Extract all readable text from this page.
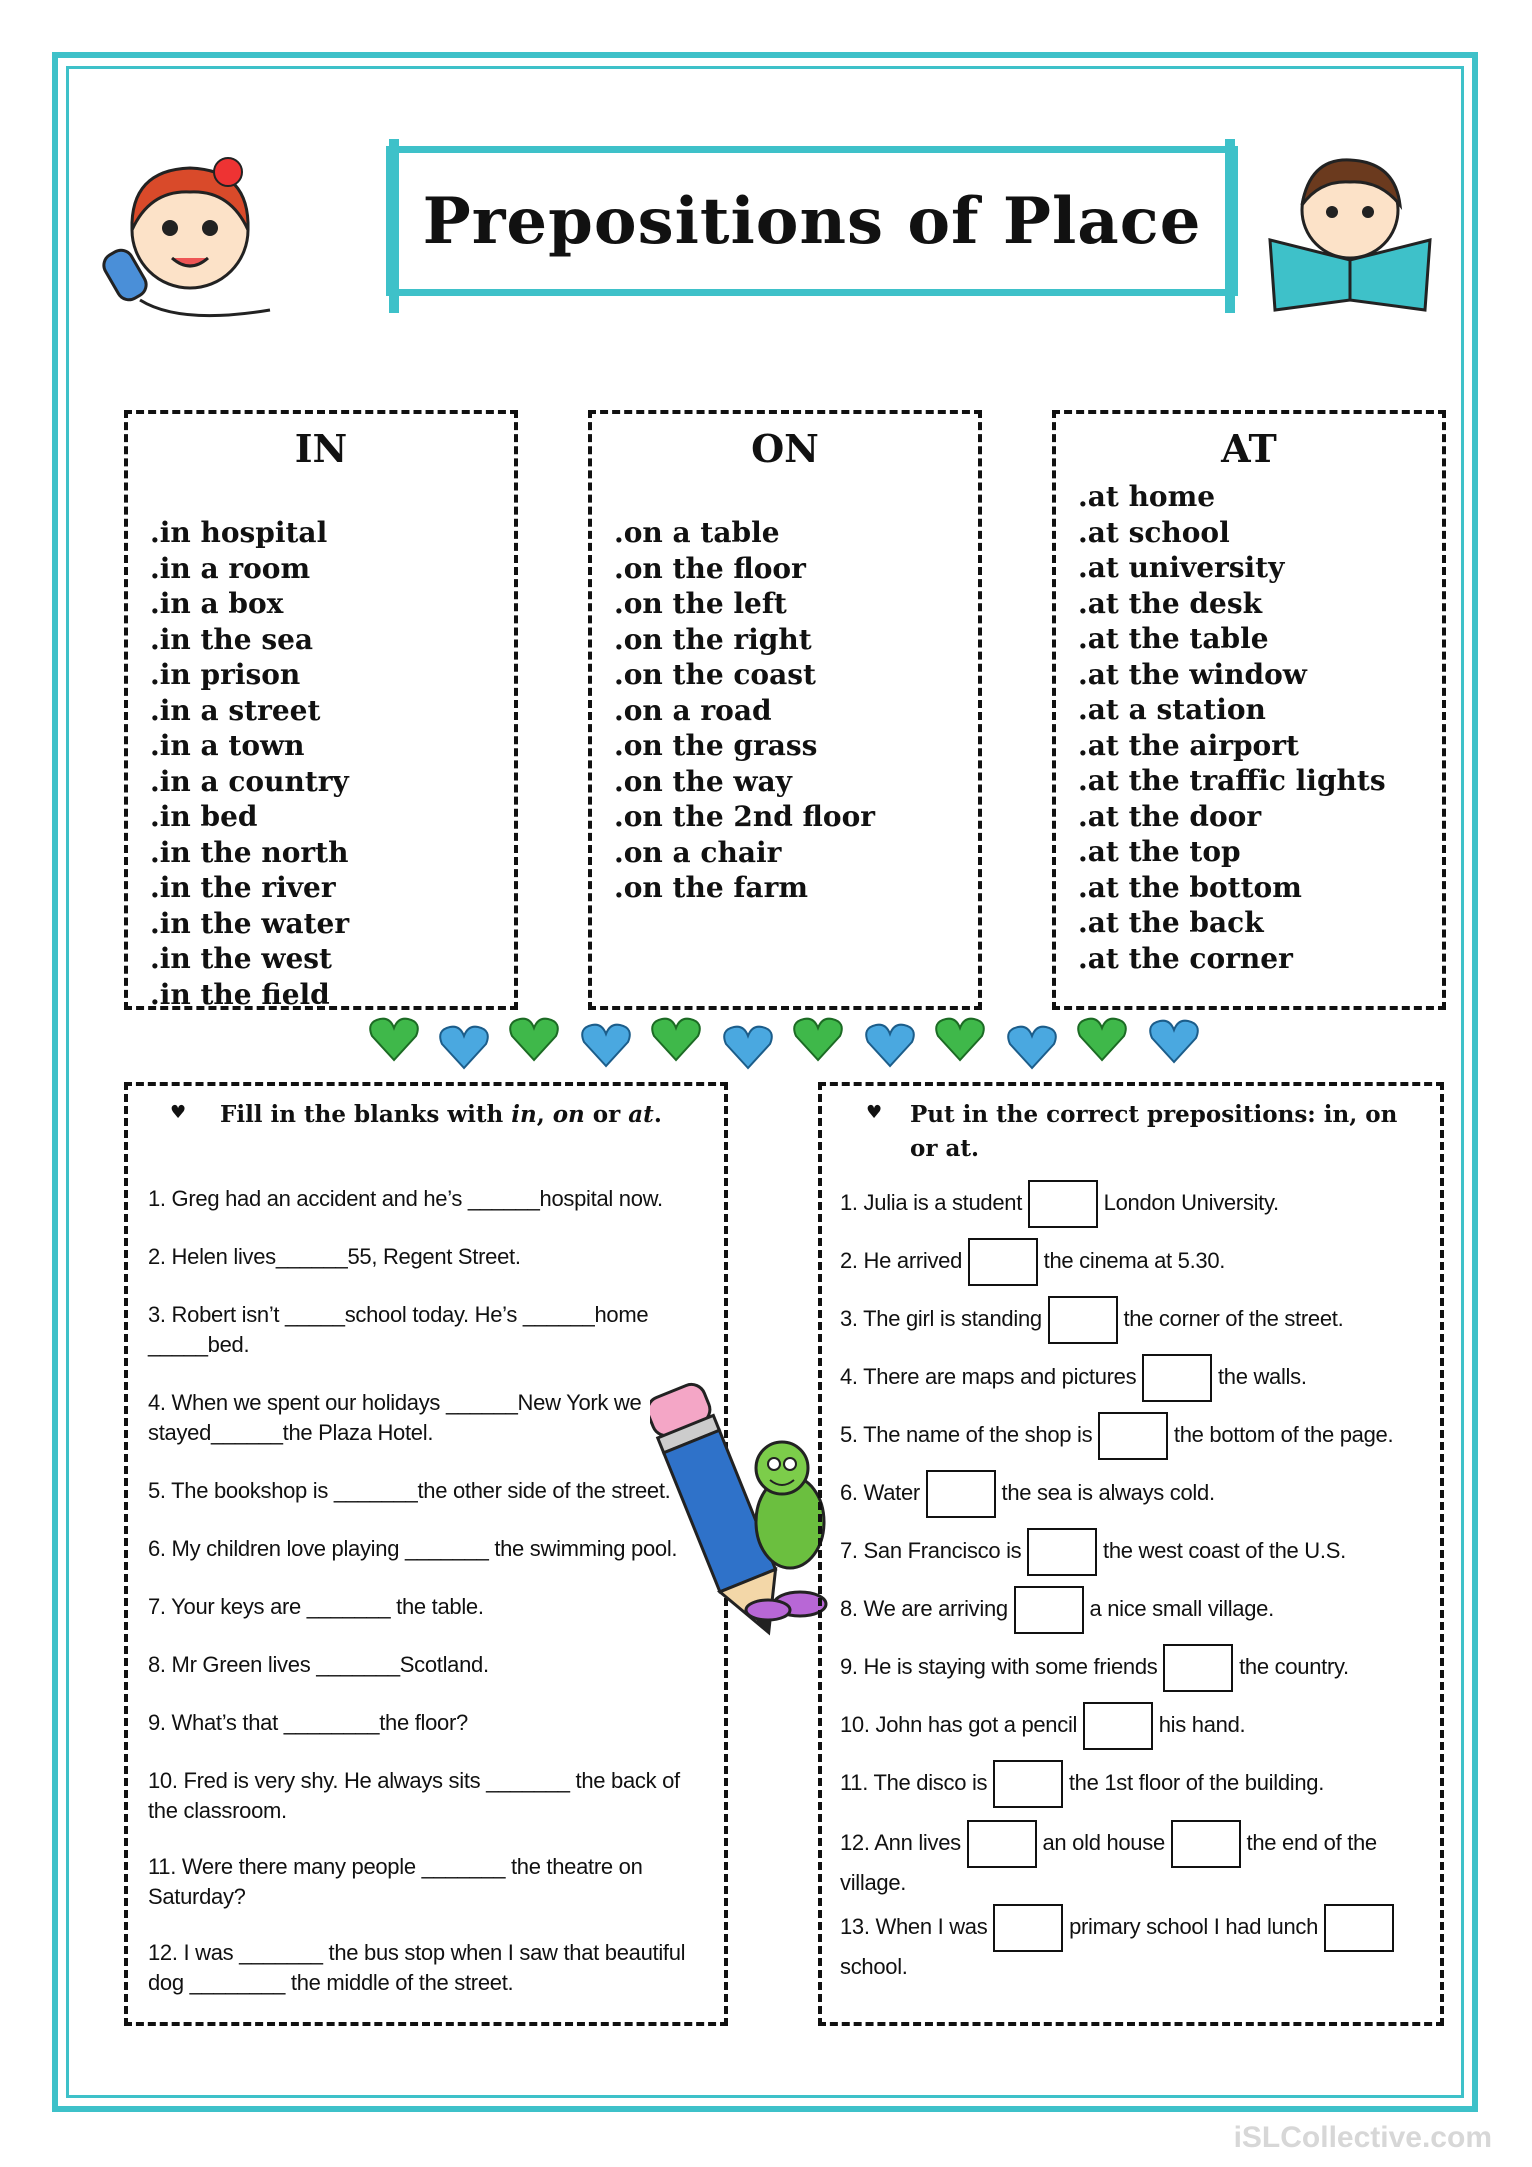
Prepositions of Place
IN
.in hospital
.in a room
.in a box
.in the sea
.in prison
.in a street
.in a town
.in a country
.in bed
.in the north
.in the river
.in the water
.in the west
.in the field
ON
.on a table
.on the floor
.on the left
.on the right
.on the coast
.on a road
.on the grass
.on the way
.on the 2nd floor
.on a chair
.on the farm
AT
.at home
.at school
.at university
.at the desk
.at the table
.at the window
.at a station
.at the airport
.at the traffic lights
.at the door
.at the top
.at the bottom
.at the back
.at the corner
♥ Fill in the blanks with in, on or at.
1. Greg had an accident and he’s ______hospital now.
2. Helen lives______55, Regent Street.
3. Robert isn’t _____school today. He’s ______home _____bed.
4. When we spent our holidays ______New York we stayed______the Plaza Hotel.
5. The bookshop is _______the other side of the street.
6. My children love playing _______ the swimming pool.
7. Your keys are _______ the table.
8. Mr Green lives _______Scotland.
9. What’s that ________the floor?
10. Fred is very shy. He always sits _______ the back of the classroom.
11. Were there many people _______ the theatre on Saturday?
12. I was _______ the bus stop when I saw that beautiful dog ________ the middle of the street.
♥ Put in the correct prepositions: in, on or at.
1. Julia is a student	London University.
2. He arrived	the cinema at 5.30.
3. The girl is standing	the corner of the street.
4. There are maps and pictures	the walls.
5. The name of the shop is	the bottom of the page.
6. Water	the sea is always cold.
7. San Francisco is	the west coast of the U.S.
8. We are arriving	a nice small village.
9. He is staying with some friends	the country.
10. John has got a pencil	his hand.
11. The disco is	the 1st floor of the building.
12. Ann lives	an old house	the end of the
village.
13. When I was	primary school I had lunch
school.
iSLCollective.com
